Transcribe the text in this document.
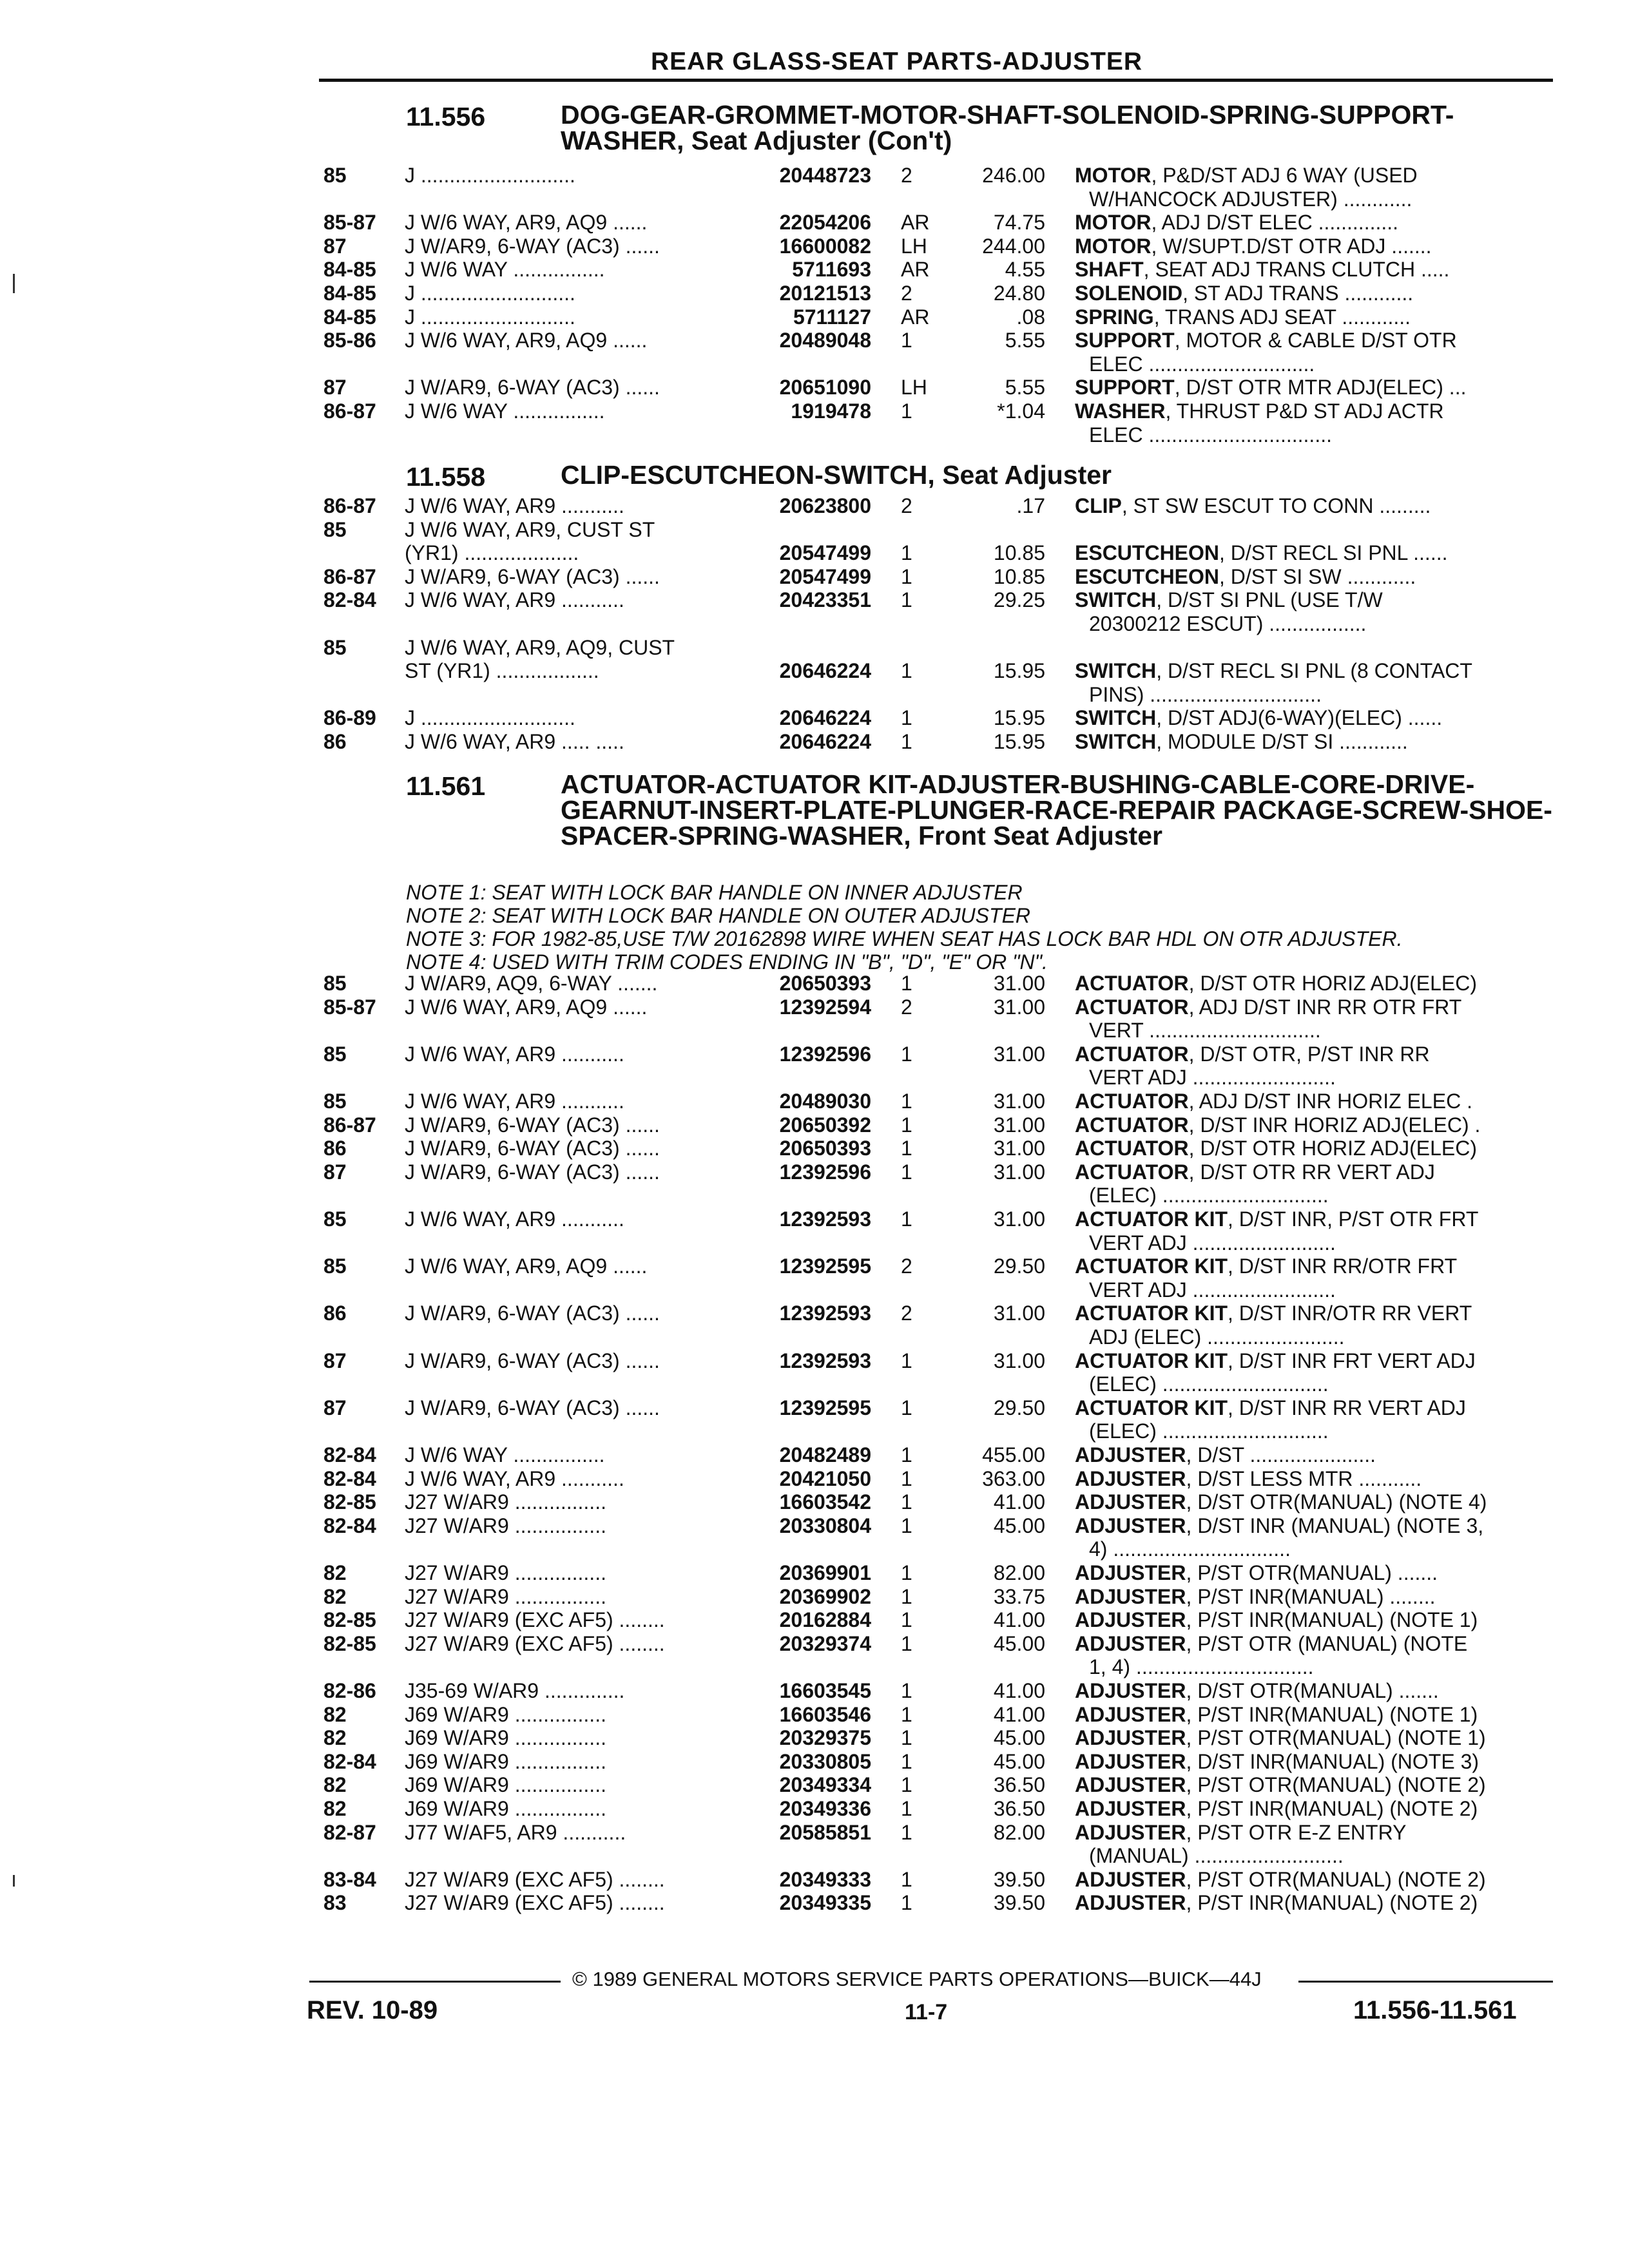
REAR GLASS-SEAT PARTS-ADJUSTER
11.556	DOG-GEAR-GROMMET-MOTOR-SHAFT-SOLENOID-SPRING-SUPPORT-WASHER, Seat Adjuster (Con't)
11.558	CLIP-ESCUTCHEON-SWITCH, Seat Adjuster
11.561	ACTUATOR-ACTUATOR KIT-ADJUSTER-BUSHING-CABLE-CORE-DRIVE-GEARNUT-INSERT-PLATE-PLUNGER-RACE-REPAIR PACKAGE-SCREW-SHOE-SPACER-SPRING-WASHER, Front Seat Adjuster
NOTE 1: SEAT WITH LOCK BAR HANDLE ON INNER ADJUSTER
NOTE 2: SEAT WITH LOCK BAR HANDLE ON OUTER ADJUSTER
NOTE 3: FOR 1982-85,USE T/W 20162898 WIRE WHEN SEAT HAS LOCK BAR HDL ON OTR ADJUSTER.
NOTE 4: USED WITH TRIM CODES ENDING IN "B", "D", "E" OR "N".
85	J ...........................	20448723 2	246.00 MOTOR, P&D/ST ADJ 6 WAY (USED
W/HANCOCK ADJUSTER) ............
85-87 J W/6 WAY, AR9, AQ9 ......	22054206 AR	74.75 MOTOR, ADJ D/ST ELEC ..............
87	J W/AR9, 6-WAY (AC3) ......	16600082 LH	244.00 MOTOR, W/SUPT.D/ST OTR ADJ .......
84-85 J W/6 WAY ................	5711693 AR	4.55 SHAFT, SEAT ADJ TRANS CLUTCH .....
84-85 J ...........................	20121513 2	24.80 SOLENOID, ST ADJ TRANS ............
84-85 J ...........................	5711127 AR	.08 SPRING, TRANS ADJ SEAT ............
85-86 J W/6 WAY, AR9, AQ9 ......	20489048 1	5.55 SUPPORT, MOTOR & CABLE D/ST OTR
ELEC .............................
87	J W/AR9, 6-WAY (AC3) ......	20651090 LH	5.55 SUPPORT, D/ST OTR MTR ADJ(ELEC) ...
86-87 J W/6 WAY ................	1919478 1	*1.04 WASHER, THRUST P&D ST ADJ ACTR
ELEC ................................
86-87 J W/6 WAY, AR9 ...........	20623800 2	.17 CLIP, ST SW ESCUT TO CONN .........
85	J W/6 WAY, AR9, CUST ST
(YR1) ....................	20547499 1	10.85 ESCUTCHEON, D/ST RECL SI PNL ......
86-87 J W/AR9, 6-WAY (AC3) ......	20547499 1	10.85 ESCUTCHEON, D/ST SI SW ............
82-84 J W/6 WAY, AR9 ...........	20423351 1	29.25 SWITCH, D/ST SI PNL (USE T/W
20300212 ESCUT) .................
85	J W/6 WAY, AR9, AQ9, CUST
ST (YR1) ..................	20646224 1	15.95 SWITCH, D/ST RECL SI PNL (8 CONTACT
PINS) ..............................
86-89 J ...........................	20646224 1	15.95 SWITCH, D/ST ADJ(6-WAY)(ELEC) ......
86	J W/6 WAY, AR9 ..... .....	20646224 1	15.95 SWITCH, MODULE D/ST SI ............
85	J W/AR9, AQ9, 6-WAY .......	20650393 1	31.00 ACTUATOR, D/ST OTR HORIZ ADJ(ELEC)
85-87 J W/6 WAY, AR9, AQ9 ......	12392594 2	31.00 ACTUATOR, ADJ D/ST INR RR OTR FRT
VERT ..............................
85	J W/6 WAY, AR9 ...........	12392596 1	31.00 ACTUATOR, D/ST OTR, P/ST INR RR
VERT ADJ .........................
85	J W/6 WAY, AR9 ...........	20489030 1	31.00 ACTUATOR, ADJ D/ST INR HORIZ ELEC .
86-87 J W/AR9, 6-WAY (AC3) ......	20650392 1	31.00 ACTUATOR, D/ST INR HORIZ ADJ(ELEC) .
86	J W/AR9, 6-WAY (AC3) ......	20650393 1	31.00 ACTUATOR, D/ST OTR HORIZ ADJ(ELEC)
87	J W/AR9, 6-WAY (AC3) ......	12392596 1	31.00 ACTUATOR, D/ST OTR RR VERT ADJ
(ELEC) .............................
85	J W/6 WAY, AR9 ...........	12392593 1	31.00 ACTUATOR KIT, D/ST INR, P/ST OTR FRT
VERT ADJ .........................
85	J W/6 WAY, AR9, AQ9 ......	12392595 2	29.50 ACTUATOR KIT, D/ST INR RR/OTR FRT
VERT ADJ .........................
86	J W/AR9, 6-WAY (AC3) ......	12392593 2	31.00 ACTUATOR KIT, D/ST INR/OTR RR VERT
ADJ (ELEC) ........................
87	J W/AR9, 6-WAY (AC3) ......	12392593 1	31.00 ACTUATOR KIT, D/ST INR FRT VERT ADJ
(ELEC) .............................
87	J W/AR9, 6-WAY (AC3) ......	12392595 1	29.50 ACTUATOR KIT, D/ST INR RR VERT ADJ
(ELEC) .............................
82-84 J W/6 WAY ................	20482489 1	455.00 ADJUSTER, D/ST ......................
82-84 J W/6 WAY, AR9 ...........	20421050 1	363.00 ADJUSTER, D/ST LESS MTR ...........
82-85 J27 W/AR9 ................	16603542 1	41.00 ADJUSTER, D/ST OTR(MANUAL) (NOTE 4)
82-84 J27 W/AR9 ................	20330804 1	45.00 ADJUSTER, D/ST INR (MANUAL) (NOTE 3,
4) ...............................
82	J27 W/AR9 ................	20369901 1	82.00 ADJUSTER, P/ST OTR(MANUAL) .......
82	J27 W/AR9 ................	20369902 1	33.75 ADJUSTER, P/ST INR(MANUAL) ........
82-85 J27 W/AR9 (EXC AF5) ........	20162884 1	41.00 ADJUSTER, P/ST INR(MANUAL) (NOTE 1)
82-85 J27 W/AR9 (EXC AF5) ........	20329374 1	45.00 ADJUSTER, P/ST OTR (MANUAL) (NOTE
1, 4) ...............................
82-86 J35-69 W/AR9 ..............	16603545 1	41.00 ADJUSTER, D/ST OTR(MANUAL) .......
82	J69 W/AR9 ................	16603546 1	41.00 ADJUSTER, P/ST INR(MANUAL) (NOTE 1)
82	J69 W/AR9 ................	20329375 1	45.00 ADJUSTER, P/ST OTR(MANUAL) (NOTE 1)
82-84 J69 W/AR9 ................	20330805 1	45.00 ADJUSTER, D/ST INR(MANUAL) (NOTE 3)
82	J69 W/AR9 ................	20349334 1	36.50 ADJUSTER, P/ST OTR(MANUAL) (NOTE 2)
82	J69 W/AR9 ................	20349336 1	36.50 ADJUSTER, P/ST INR(MANUAL) (NOTE 2)
82-87 J77 W/AF5, AR9 ...........	20585851 1	82.00 ADJUSTER, P/ST OTR E-Z ENTRY
(MANUAL) ..........................
83-84 J27 W/AR9 (EXC AF5) ........	20349333 1	39.50 ADJUSTER, P/ST OTR(MANUAL) (NOTE 2)
83	J27 W/AR9 (EXC AF5) ........	20349335 1	39.50 ADJUSTER, P/ST INR(MANUAL) (NOTE 2)
© 1989 GENERAL MOTORS SERVICE PARTS OPERATIONS—BUICK—44J
REV. 10-89	11-7	11.556-11.561
